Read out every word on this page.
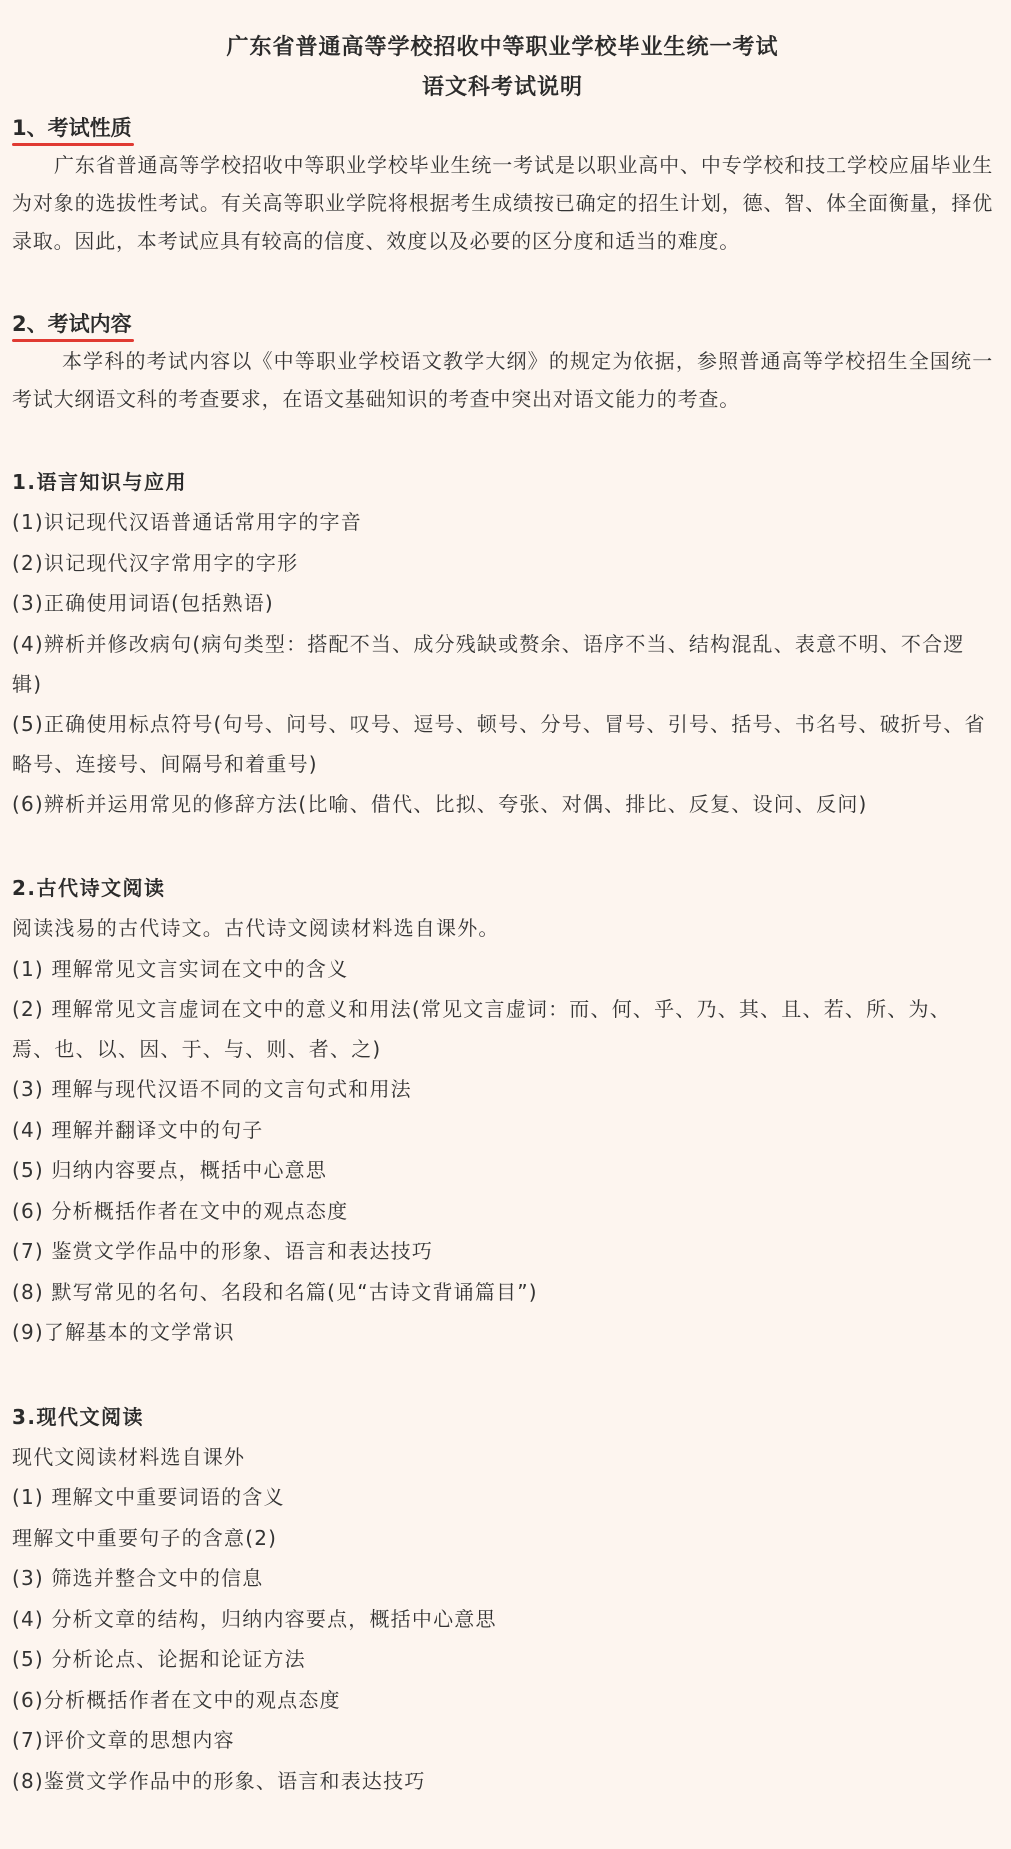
广东省普通高等学校招收中等职业学校毕业生统一考试
语文科考试说明
1、考试性质

广东省普通高等学校招收中等职业学校毕业生统一考试是以职业高中、中专学校和技工学校应届毕业生为对象的选拔性考试。有关高等职业学院将根据考生成绩按已确定的招生计划，德、智、体全面衡量，择优录取。因此，本考试应具有较高的信度、效度以及必要的区分度和适当的难度。

2、考试内容

本学科的考试内容以《中等职业学校语文教学大纲》的规定为依据，参照普通高等学校招生全国统一考试大纲语文科的考查要求，在语文基础知识的考查中突出对语文能力的考查。

1.语言知识与应用

(1)识记现代汉语普通话常用字的字音

(2)识记现代汉字常用字的字形

(3)正确使用词语(包括熟语)

(4)辨析并修改病句(病句类型：搭配不当、成分残缺或赘余、语序不当、结构混乱、表意不明、不合逻辑)

(5)正确使用标点符号(句号、问号、叹号、逗号、顿号、分号、冒号、引号、括号、书名号、破折号、省略号、连接号、间隔号和着重号)

(6)辨析并运用常见的修辞方法(比喻、借代、比拟、夸张、对偶、排比、反复、设问、反问)

2.古代诗文阅读

阅读浅易的古代诗文。古代诗文阅读材料选自课外。

(1) 理解常见文言实词在文中的含义

(2) 理解常见文言虚词在文中的意义和用法(常见文言虚词：而、何、乎、乃、其、且、若、所、为、焉、也、以、因、于、与、则、者、之)

(3) 理解与现代汉语不同的文言句式和用法

(4) 理解并翻译文中的句子

(5) 归纳内容要点，概括中心意思

(6) 分析概括作者在文中的观点态度

(7) 鉴赏文学作品中的形象、语言和表达技巧

(8) 默写常见的名句、名段和名篇(见“古诗文背诵篇目”)

(9)了解基本的文学常识

3.现代文阅读

现代文阅读材料选自课外

(1) 理解文中重要词语的含义

理解文中重要句子的含意(2)

(3) 筛选并整合文中的信息

(4) 分析文章的结构，归纳内容要点，概括中心意思

(5) 分析论点、论据和论证方法

(6)分析概括作者在文中的观点态度

(7)评价文章的思想内容

(8)鉴赏文学作品中的形象、语言和表达技巧
